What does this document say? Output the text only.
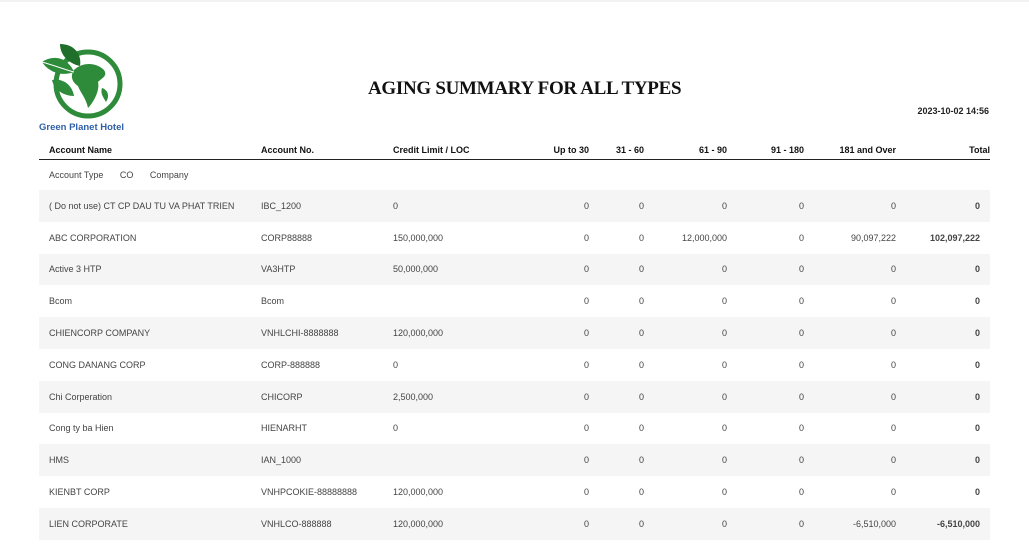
Green Planet Hotel
AGING SUMMARY FOR ALL TYPES
2023-10-02 14:56
Account Name	Account No.	Credit Limit / LOC	Up to 30	31 - 60	61 - 90	91 - 180	181 and Over	Total
Account Type CO Company								
( Do not use) CT CP DAU TU VA PHAT TRIEN	IBC_1200	0	0	0	0	0	0	0
ABC CORPORATION	CORP88888	150,000,000	0	0	12,000,000	0	90,097,222	102,097,222
Active 3 HTP	VA3HTP	50,000,000	0	0	0	0	0	0
Bcom	Bcom		0	0	0	0	0	0
CHIENCORP COMPANY	VNHLCHI-8888888	120,000,000	0	0	0	0	0	0
CONG DANANG CORP	CORP-888888	0	0	0	0	0	0	0
Chi Corperation	CHICORP	2,500,000	0	0	0	0	0	0
Cong ty ba Hien	HIENARHT	0	0	0	0	0	0	0
HMS	IAN_1000		0	0	0	0	0	0
KIENBT CORP	VNHPCOKIE-88888888	120,000,000	0	0	0	0	0	0
LIEN CORPORATE	VNHLCO-888888	120,000,000	0	0	0	0	-6,510,000	-6,510,000
